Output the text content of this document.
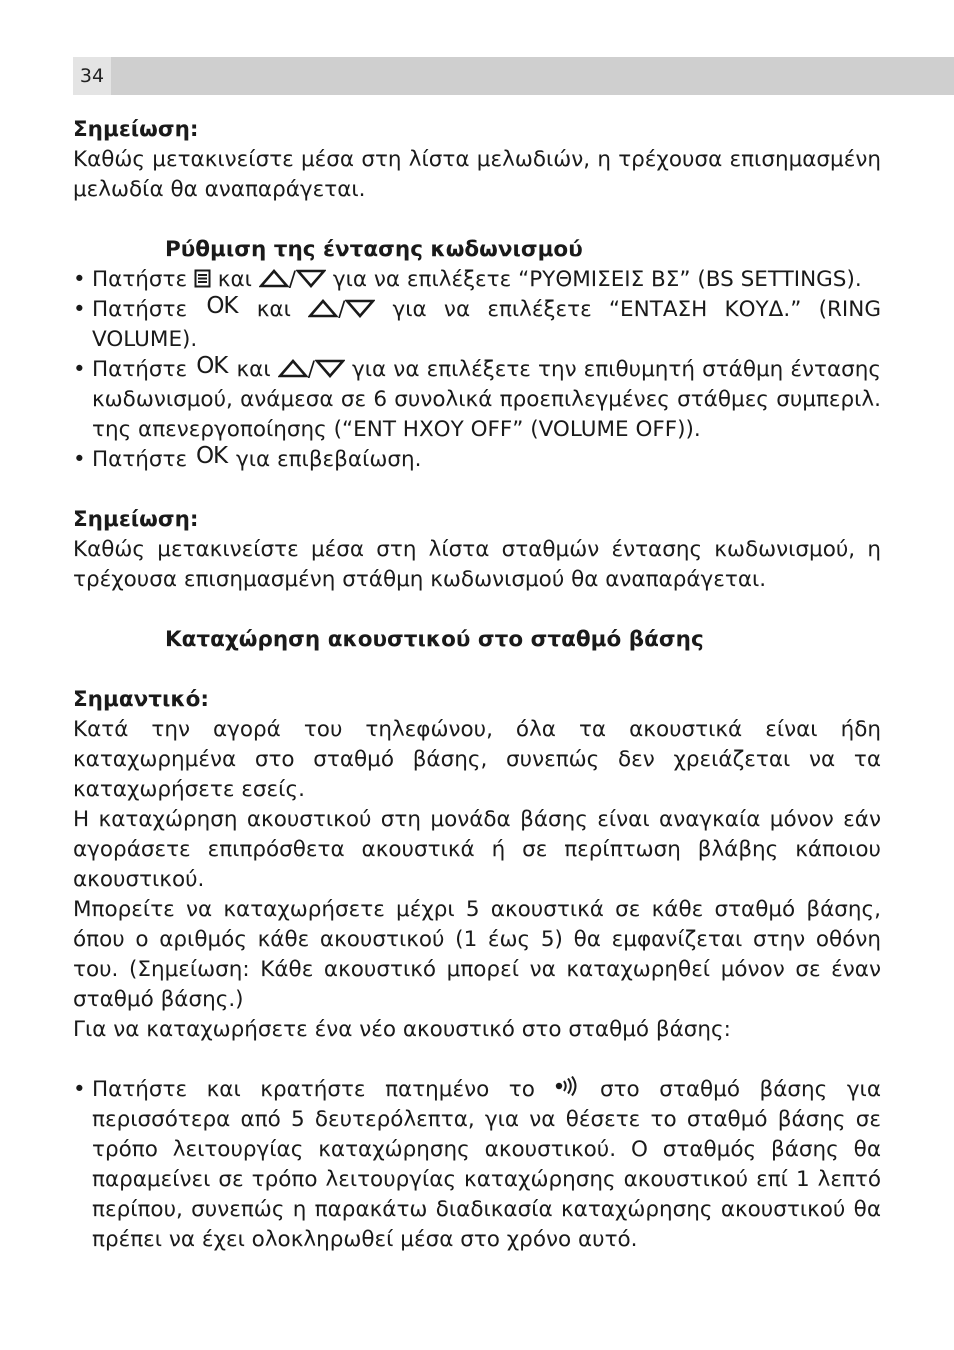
34

Σημείωση:

Καθώς μετακινείστε μέσα στη λίστα μελωδιών, η τρέχουσα επισημασμένη μελωδία θα αναπαράγεται.

Ρύθμιση της έντασης κωδωνισμού

• Πατήστε και / για να επιλέξετε “ΡΥΘΜΙΣΕΙΣ ΒΣ” (BS SETTINGS).
• Πατήστε OK και / για να επιλέξετε “ΕΝΤΑΣΗ ΚΟΥΔ.” (RING VOLUME).
• Πατήστε OK και / για να επιλέξετε την επιθυμητή στάθμη έντασης κωδωνισμού, ανάμεσα σε 6 συνολικά προεπιλεγμένες στάθμες συμπεριλ. της απενεργοποίησης (“ΕΝΤ ΗΧΟΥ OFF” (VOLUME OFF)).
• Πατήστε OK για επιβεβαίωση.

Σημείωση:

Καθώς μετακινείστε μέσα στη λίστα σταθμών έντασης κωδωνισμού, η τρέχουσα επισημασμένη στάθμη κωδωνισμού θα αναπαράγεται.

Καταχώρηση ακουστικού στο σταθμό βάσης

Σημαντικό:

Κατά την αγορά του τηλεφώνου, όλα τα ακουστικά είναι ήδη καταχωρημένα στο σταθμό βάσης, συνεπώς δεν χρειάζεται να τα καταχωρήσετε εσείς.

Η καταχώρηση ακουστικού στη μονάδα βάσης είναι αναγκαία μόνον εάν αγοράσετε επιπρόσθετα ακουστικά ή σε περίπτωση βλάβης κάποιου ακουστικού.

Μπορείτε να καταχωρήσετε μέχρι 5 ακουστικά σε κάθε σταθμό βάσης, όπου ο αριθμός κάθε ακουστικού (1 έως 5) θα εμφανίζεται στην οθόνη του. (Σημείωση: Κάθε ακουστικό μπορεί να καταχωρηθεί μόνον σε έναν σταθμό βάσης.)

Για να καταχωρήσετε ένα νέο ακουστικό στο σταθμό βάσης:

• Πατήστε και κρατήστε πατημένο το	στο σταθμό βάσης για περισσότερα από 5 δευτερόλεπτα, για να θέσετε το σταθμό βάσης σε τρόπο λειτουργίας καταχώρησης ακουστικού. Ο σταθμός βάσης θα παραμείνει σε τρόπο λειτουργίας καταχώρησης ακουστικού επί 1 λεπτό περίπου, συνεπώς η παρακάτω διαδικασία καταχώρησης ακουστικού θα πρέπει να έχει ολοκληρωθεί μέσα στο χρόνο αυτό.
